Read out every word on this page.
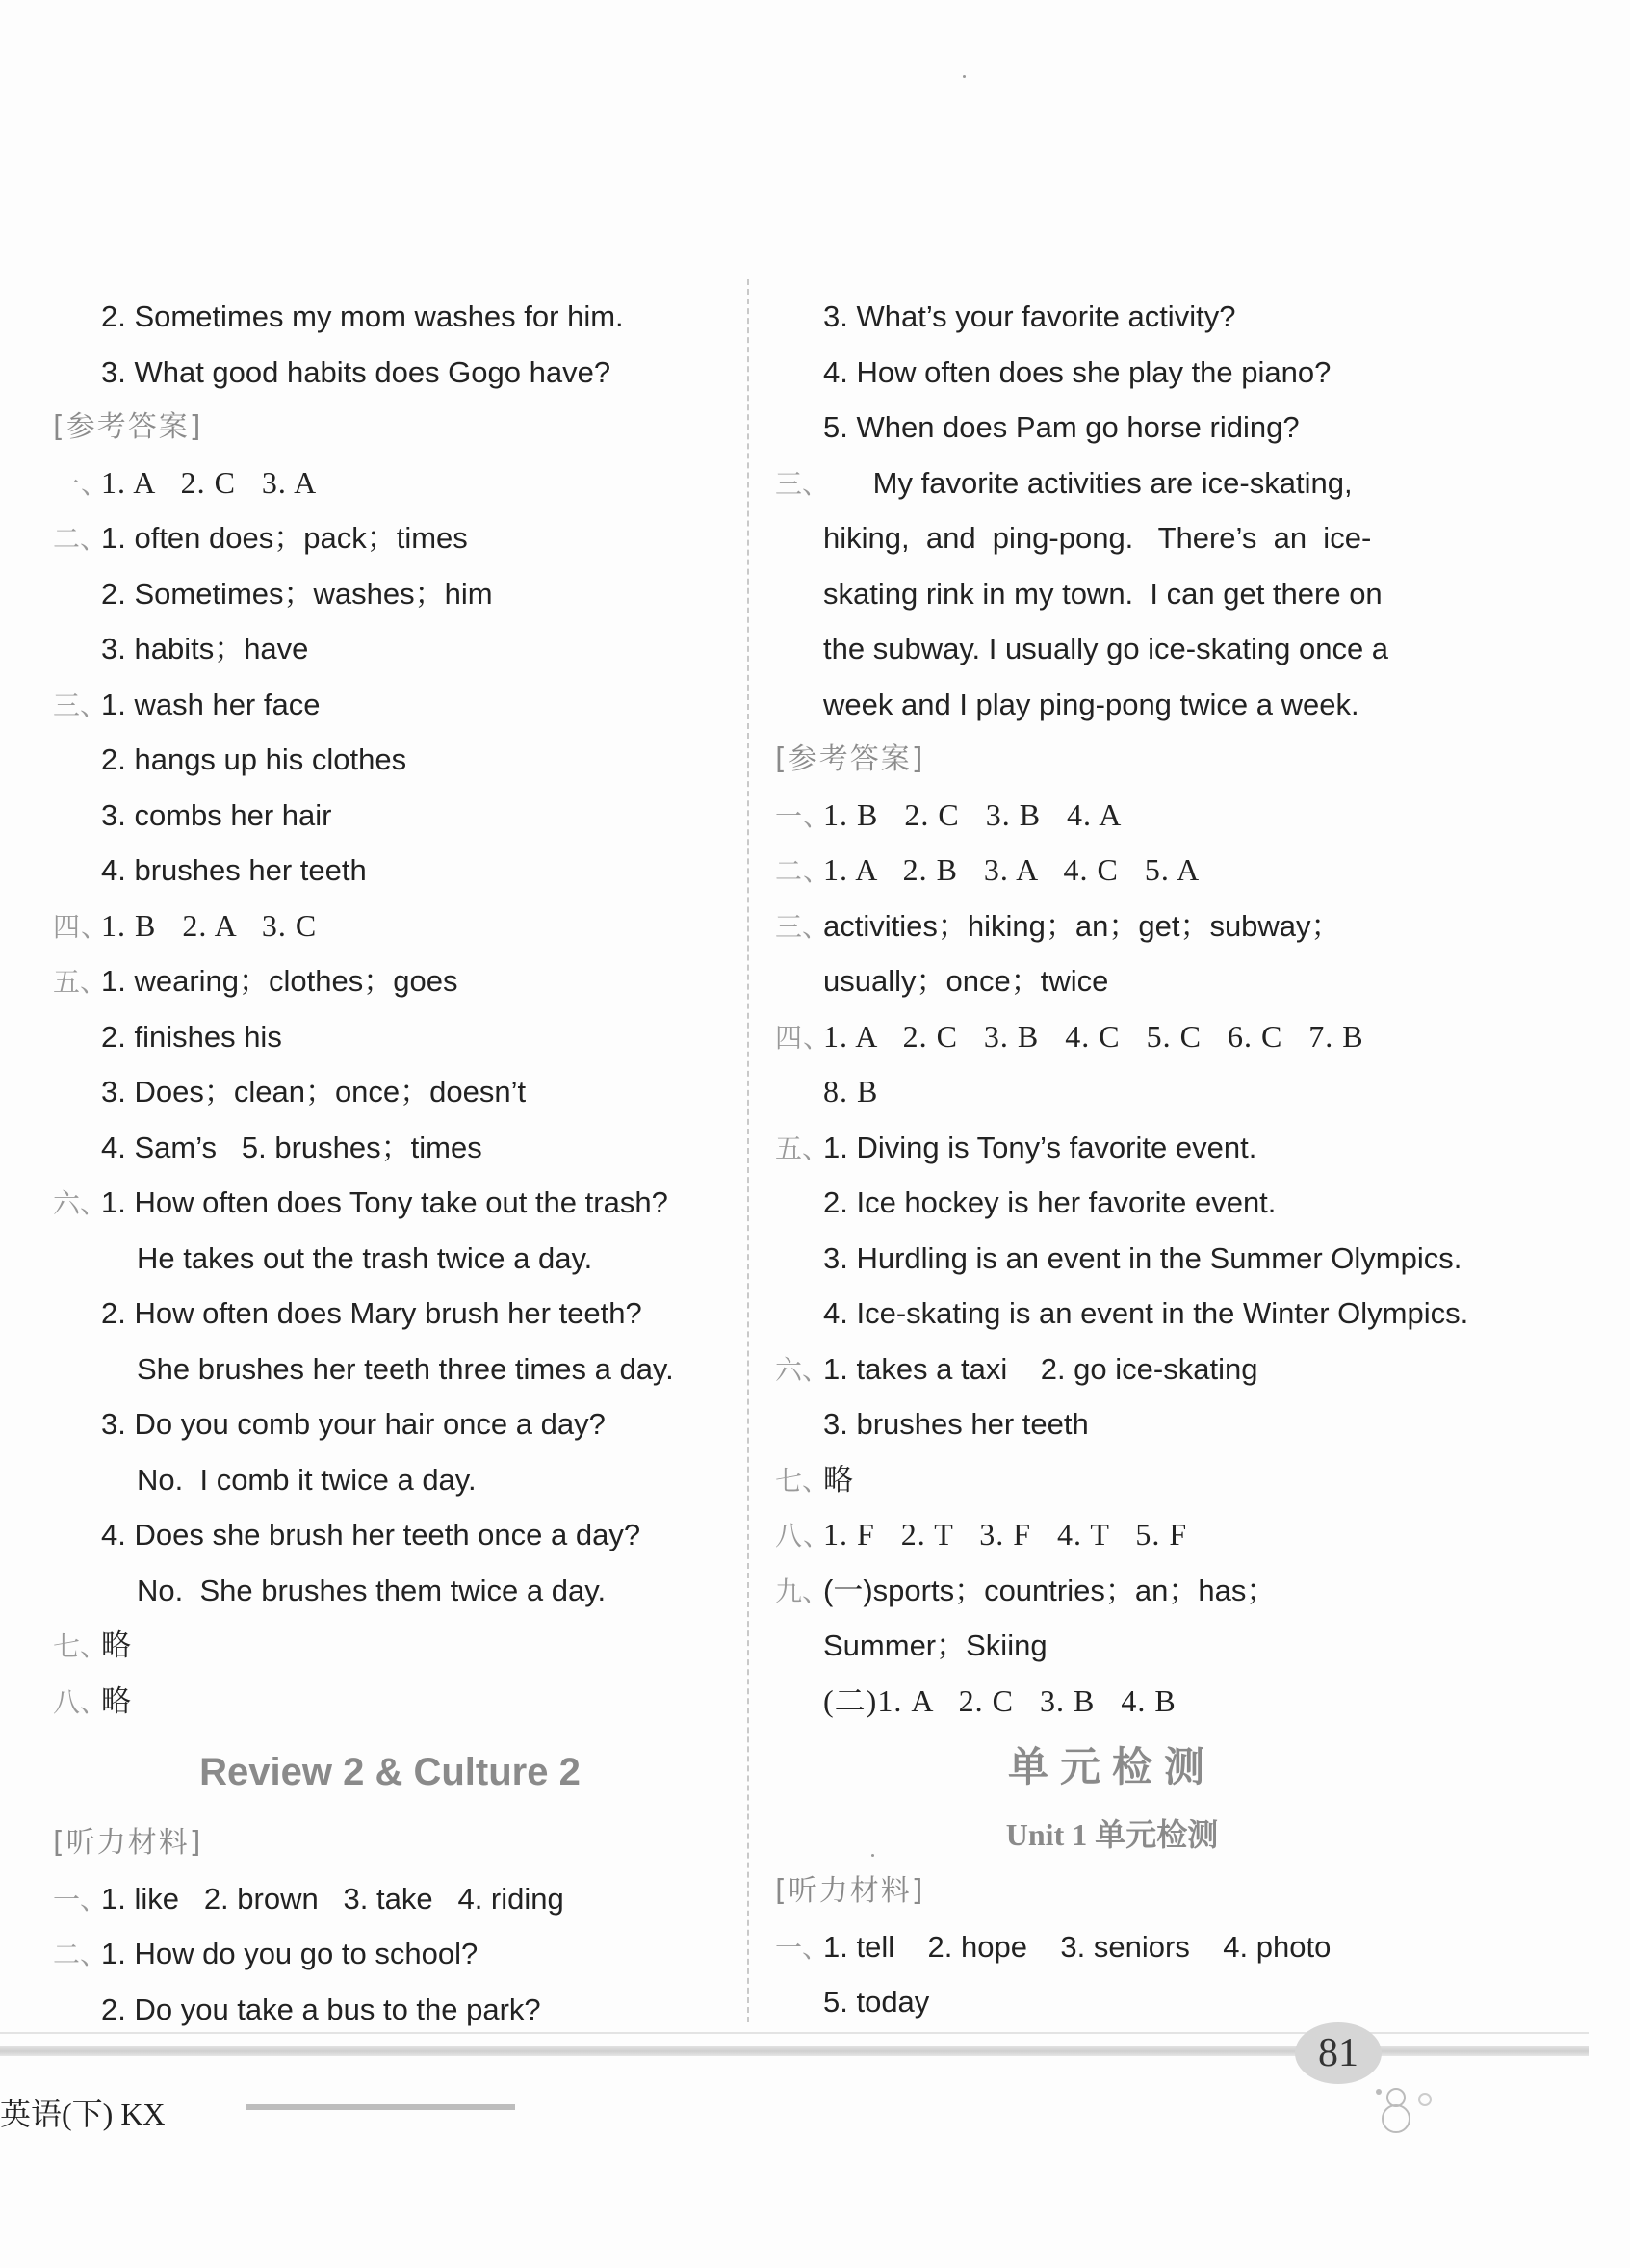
2. Sometimes my mom washes for him.
3. What good habits does Gogo have?
[参考答案]
一、1. A   2. C   3. A
二、1. often does；pack；times
2. Sometimes；washes；him
3. habits；have
三、1. wash her face
2. hangs up his clothes
3. combs her hair
4. brushes her teeth
四、1. B   2. A   3. C
五、1. wearing；clothes；goes
2. finishes his
3. Does；clean；once；doesn’t
4. Sam’s   5. brushes；times
六、1. How often does Tony take out the trash?
He takes out the trash twice a day.
2. How often does Mary brush her teeth?
She brushes her teeth three times a day.
3. Do you comb your hair once a day?
No.  I comb it twice a day.
4. Does she brush her teeth once a day?
No.  She brushes them twice a day.
七、略
八、略
Review 2 & Culture 2
[听力材料]
一、1. like   2. brown   3. take   4. riding
二、1. How do you go to school?
2. Do you take a bus to the park?
3. What’s your favorite activity?
4. How often does she play the piano?
5. When does Pam go horse riding?
三、      My favorite activities are ice-skating,
hiking,  and  ping-pong.   There’s  an  ice-
skating rink in my town.  I can get there on
the subway. I usually go ice-skating once a
week and I play ping-pong twice a week.
[参考答案]
一、1. B   2. C   3. B   4. A
二、1. A   2. B   3. A   4. C   5. A
三、activities；hiking；an；get；subway；
usually；once；twice
四、1. A   2. C   3. B   4. C   5. C   6. C   7. B
8. B
五、1. Diving is Tony’s favorite event.
2. Ice hockey is her favorite event.
3. Hurdling is an event in the Summer Olympics.
4. Ice-skating is an event in the Winter Olympics.
六、1. takes a taxi    2. go ice-skating
3. brushes her teeth
七、略
八、1. F   2. T   3. F   4. T   5. F
九、(一)sports；countries；an；has；
Summer；Skiing
(二)1. A   2. C   3. B   4. B
单元检测
Unit 1 单元检测
[听力材料]
一、1. tell    2. hope    3. seniors    4. photo
5. today
81
英语(下) KX
